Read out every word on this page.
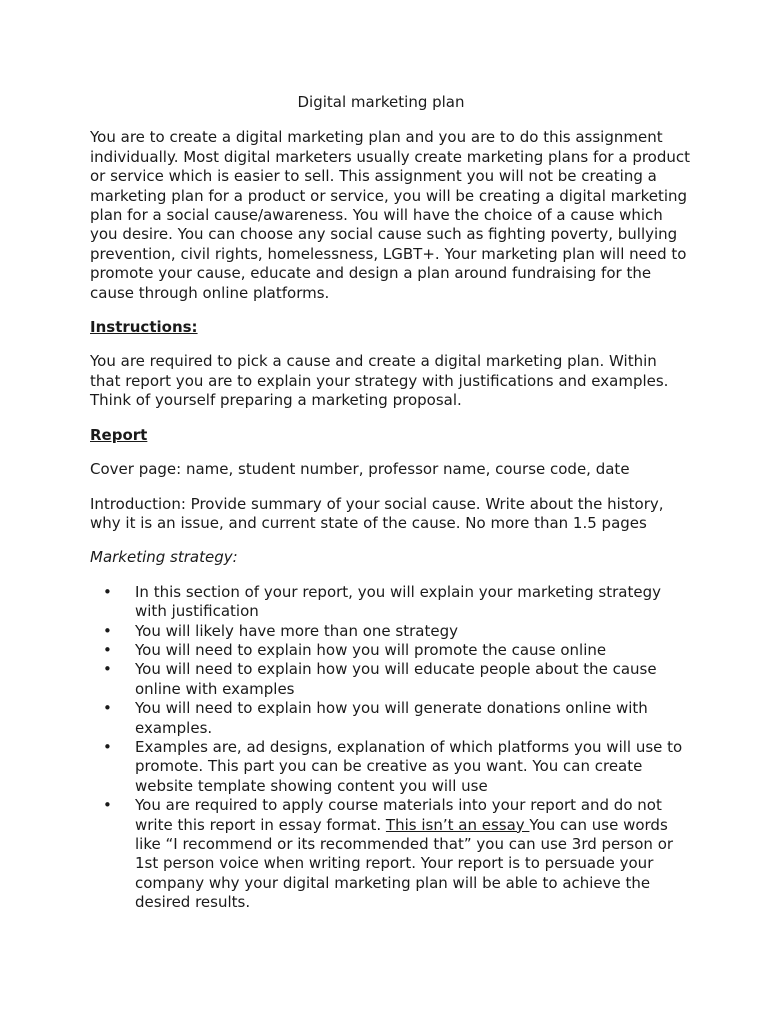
Digital marketing plan

You are to create a digital marketing plan and you are to do this assignment individually. Most digital marketers usually create marketing plans for a product or service which is easier to sell. This assignment you will not be creating a marketing plan for a product or service, you will be creating a digital marketing plan for a social cause/awareness. You will have the choice of a cause which you desire. You can choose any social cause such as fighting poverty, bullying prevention, civil rights, homelessness, LGBT+. Your marketing plan will need to promote your cause, educate and design a plan around fundraising for the cause through online platforms.

Instructions:

You are required to pick a cause and create a digital marketing plan. Within that report you are to explain your strategy with justifications and examples. Think of yourself preparing a marketing proposal.

Report

Cover page: name, student number, professor name, course code, date

Introduction: Provide summary of your social cause. Write about the history, why it is an issue, and current state of the cause. No more than 1.5 pages

Marketing strategy:

• In this section of your report, you will explain your marketing strategy with justification
• You will likely have more than one strategy
• You will need to explain how you will promote the cause online
• You will need to explain how you will educate people about the cause online with examples
• You will need to explain how you will generate donations online with examples.
• Examples are, ad designs, explanation of which platforms you will use to promote. This part you can be creative as you want. You can create website template showing content you will use
• You are required to apply course materials into your report and do not write this report in essay format. This isn’t an essay You can use words like “I recommend or its recommended that” you can use 3rd person or 1st person voice when writing report. Your report is to persuade your company why your digital marketing plan will be able to achieve the desired results.
